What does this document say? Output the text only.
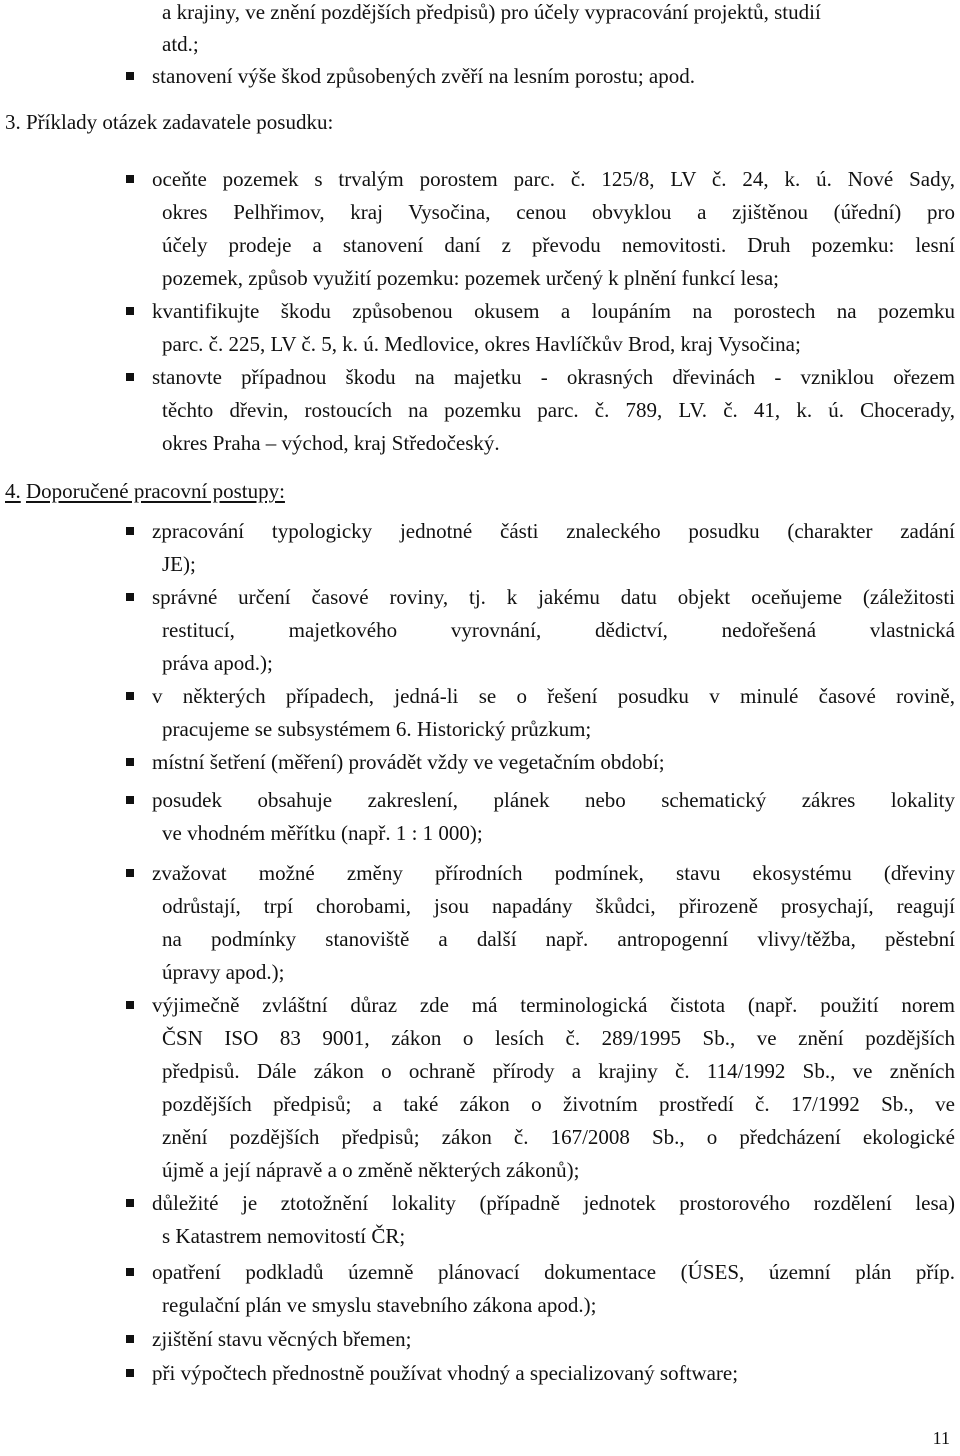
a krajiny, ve znění pozdějších předpisů) pro účely vypracování projektů, studií
atd.;
stanovení výše škod způsobených zvěří na lesním porostu; apod.
3. Příklady otázek zadavatele posudku:
oceňte pozemek s trvalým porostem parc. č. 125/8, LV č. 24, k. ú. Nové Sady,
okres Pelhřimov, kraj Vysočina, cenou obvyklou a zjištěnou (úřední) pro
účely prodeje a stanovení daní z převodu nemovitosti. Druh pozemku: lesní
pozemek, způsob využití pozemku: pozemek určený k plnění funkcí lesa;
kvantifikujte škodu způsobenou okusem a loupáním na porostech na pozemku
parc. č. 225, LV č. 5, k. ú. Medlovice, okres Havlíčkův Brod, kraj Vysočina;
stanovte případnou škodu na majetku - okrasných dřevinách - vzniklou ořezem
těchto dřevin, rostoucích na pozemku parc. č. 789, LV. č. 41, k. ú. Chocerady,
okres Praha – východ, kraj Středočeský.
4. Doporučené pracovní postupy:
zpracování typologicky jednotné části znaleckého posudku (charakter zadání
JE);
správné určení časové roviny, tj. k jakému datu objekt oceňujeme (záležitosti
restitucí, majetkového vyrovnání, dědictví, nedořešená vlastnická
práva apod.);
v některých případech, jedná-li se o řešení posudku v minulé časové rovině,
pracujeme se subsystémem 6. Historický průzkum;
místní šetření (měření) provádět vždy ve vegetačním období;
posudek obsahuje zakreslení, plánek nebo schematický zákres lokality
ve vhodném měřítku (např. 1 : 1 000);
zvažovat možné změny přírodních podmínek, stavu ekosystému (dřeviny
odrůstají, trpí chorobami, jsou napadány škůdci, přirozeně prosychají, reagují
na podmínky stanoviště a další např. antropogenní vlivy/těžba, pěstební
úpravy apod.);
výjimečně zvláštní důraz zde má terminologická čistota (např. použití norem
ČSN ISO 83 9001, zákon o lesích č. 289/1995 Sb., ve znění pozdějších
předpisů. Dále zákon o ochraně přírody a krajiny č. 114/1992 Sb., ve zněních
pozdějších předpisů; a také zákon o životním prostředí č. 17/1992 Sb., ve
znění pozdějších předpisů; zákon č. 167/2008 Sb., o předcházení ekologické
újmě a její nápravě a o změně některých zákonů);
důležité je ztotožnění lokality (případně jednotek prostorového rozdělení lesa)
s Katastrem nemovitostí ČR;
opatření podkladů územně plánovací dokumentace (ÚSES, územní plán příp.
regulační plán ve smyslu stavebního zákona apod.);
zjištění stavu věcných břemen;
při výpočtech přednostně používat vhodný a specializovaný software;
11
